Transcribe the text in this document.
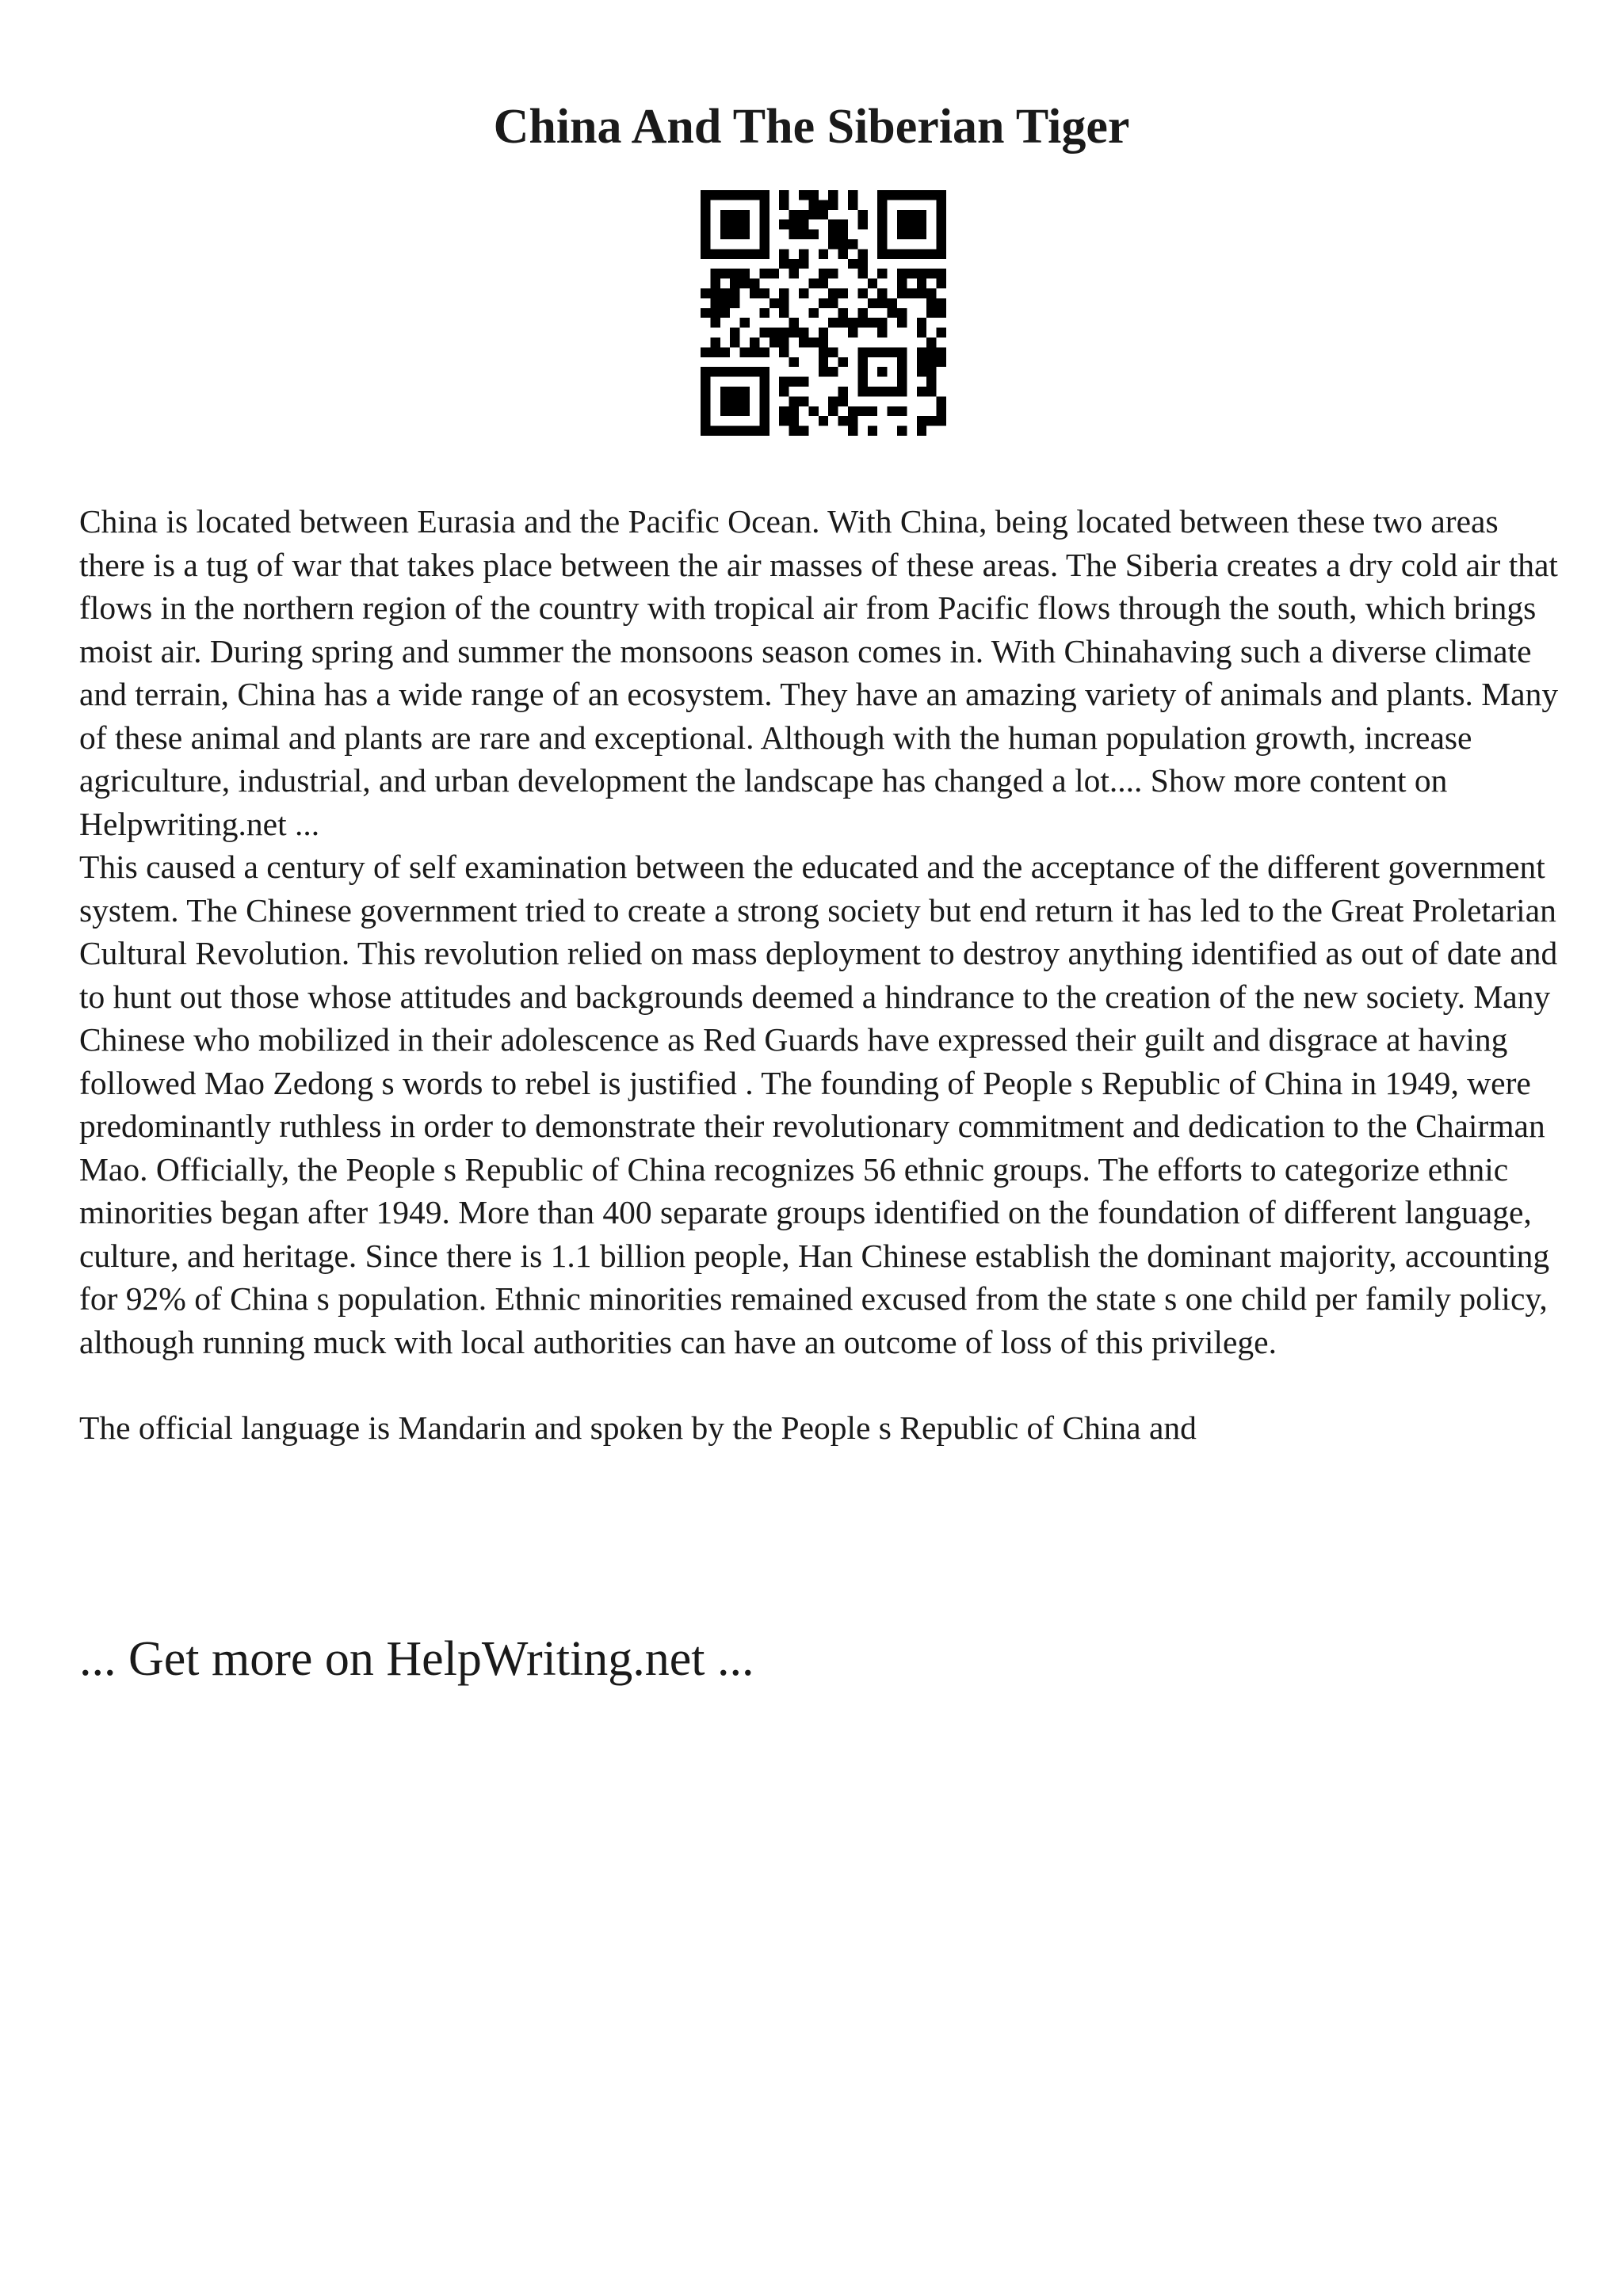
China And The Siberian Tiger

China is located between Eurasia and the Pacific Ocean. With China, being located between these two areas there is a tug of war that takes place between the air masses of these areas. The Siberia creates a dry cold air that flows in the northern region of the country with tropical air from Pacific flows through the south, which brings moist air. During spring and summer the monsoons season comes in. With Chinahaving such a diverse climate and terrain, China has a wide range of an ecosystem. They have an amazing variety of animals and plants. Many of these animal and plants are rare and exceptional. Although with the human population growth, increase agriculture, industrial, and urban development the landscape has changed a lot.... Show more content on Helpwriting.net ...

This caused a century of self examination between the educated and the acceptance of the different government system. The Chinese government tried to create a strong society but end return it has led to the Great Proletarian Cultural Revolution. This revolution relied on mass deployment to destroy anything identified as out of date and to hunt out those whose attitudes and backgrounds deemed a hindrance to the creation of the new society. Many Chinese who mobilized in their adolescence as Red Guards have expressed their guilt and disgrace at having followed Mao Zedong s words to rebel is justified . The founding of People s Republic of China in 1949, were predominantly ruthless in order to demonstrate their revolutionary commitment and dedication to the Chairman Mao. Officially, the People s Republic of China recognizes 56 ethnic groups. The efforts to categorize ethnic minorities began after 1949. More than 400 separate groups identified on the foundation of different language, culture, and heritage. Since there is 1.1 billion people, Han Chinese establish the dominant majority, accounting for 92% of China s population. Ethnic minorities remained excused from the state s one child per family policy, although running muck with local authorities can have an outcome of loss of this privilege.

The official language is Mandarin and spoken by the People s Republic of China and

... Get more on HelpWriting.net ...
